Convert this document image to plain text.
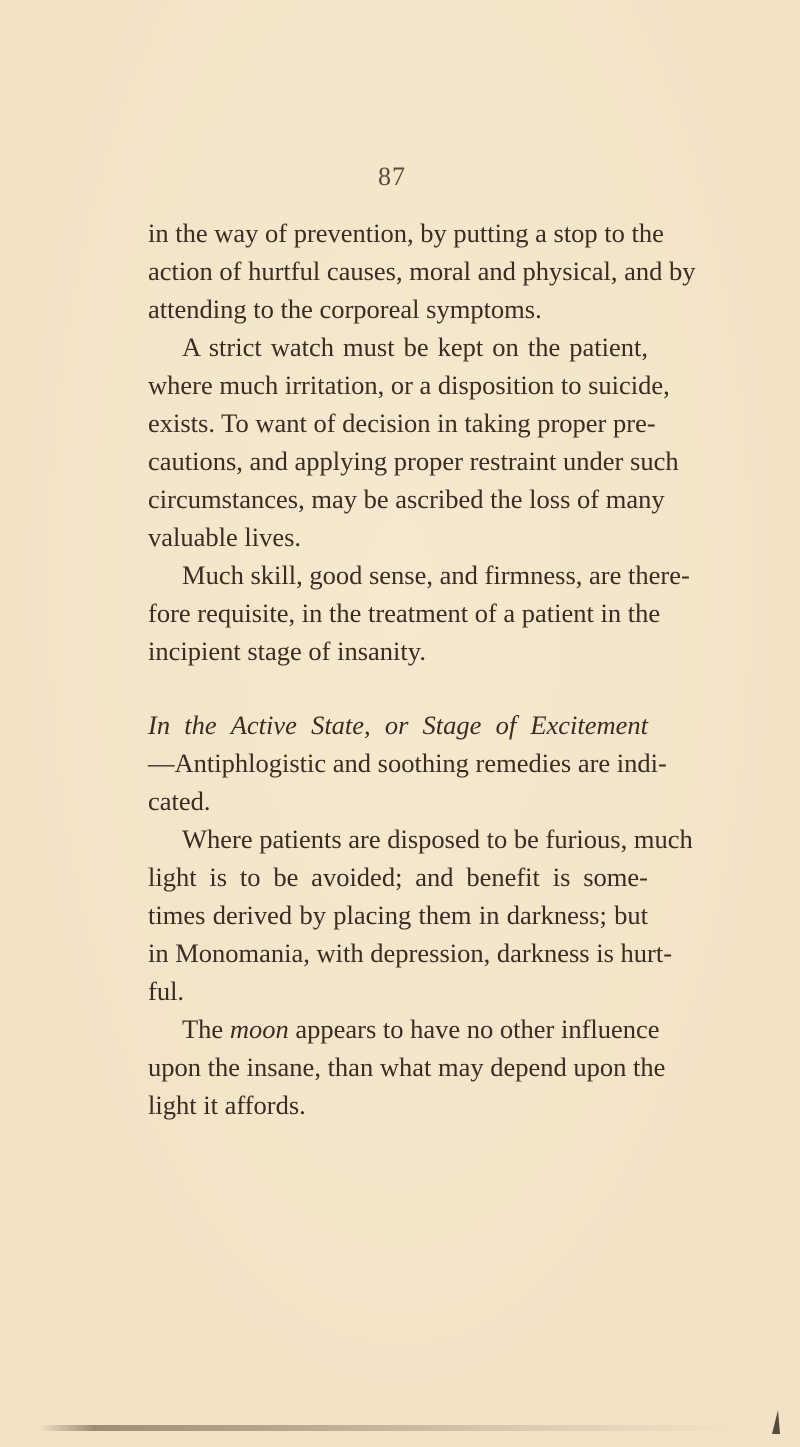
87
in the way of prevention, by putting a stop to the
action of hurtful causes, moral and physical, and by
attending to the corporeal symptoms.
A strict watch must be kept on the patient,
where much irritation, or a disposition to suicide,
exists. To want of decision in taking proper pre-
cautions, and applying proper restraint under such
circumstances, may be ascribed the loss of many
valuable lives.
Much skill, good sense, and firmness, are there-
fore requisite, in the treatment of a patient in the
incipient stage of insanity.
In the Active State, or Stage of Excitement
—Antiphlogistic and soothing remedies are indi-
cated.
Where patients are disposed to be furious, much
light is to be avoided; and benefit is some-
times derived by placing them in darkness; but
in Monomania, with depression, darkness is hurt-
ful.
The moon appears to have no other influence
upon the insane, than what may depend upon the
light it affords.
